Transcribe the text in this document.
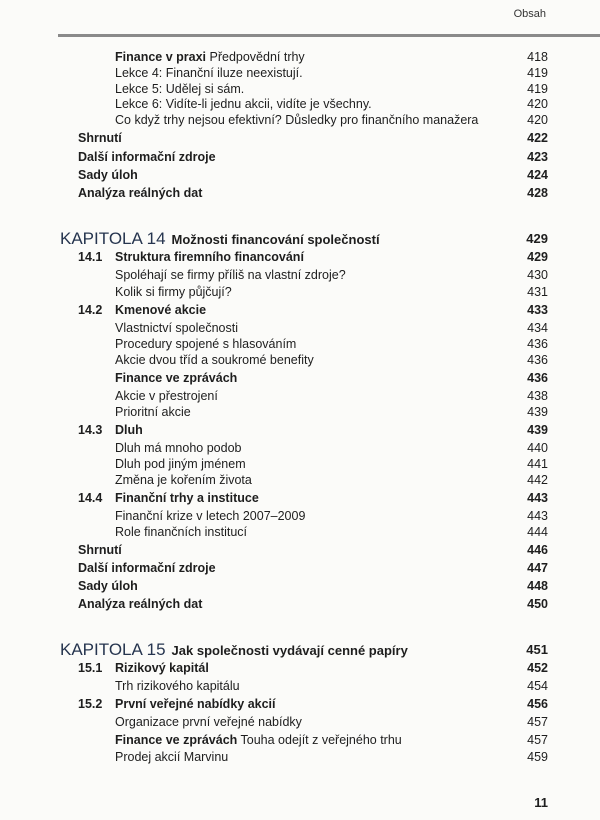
Obsah
Finance v praxi Předpovědní trhy	418
Lekce 4: Finanční iluze neexistují.	419
Lekce 5: Udělej si sám.	419
Lekce 6: Vidíte-li jednu akcii, vidíte je všechny.	420
Co když trhy nejsou efektivní? Důsledky pro finančního manažera	420
Shrnutí	422
Další informační zdroje	423
Sady úloh	424
Analýza reálných dat	428
KAPITOLA 14 Možnosti financování společností	429
14.1 Struktura firemního financování	429
Spoléhají se firmy příliš na vlastní zdroje?	430
Kolik si firmy půjčují?	431
14.2 Kmenové akcie	433
Vlastnictví společnosti	434
Procedury spojené s hlasováním	436
Akcie dvou tříd a soukromé benefity	436
Finance ve zprávách	436
Akcie v přestrojení	438
Prioritní akcie	439
14.3 Dluh	439
Dluh má mnoho podob	440
Dluh pod jiným jménem	441
Změna je kořením života	442
14.4 Finanční trhy a instituce	443
Finanční krize v letech 2007–2009	443
Role finančních institucí	444
Shrnutí	446
Další informační zdroje	447
Sady úloh	448
Analýza reálných dat	450
KAPITOLA 15 Jak společnosti vydávají cenné papíry	451
15.1 Rizikový kapitál	452
Trh rizikového kapitálu	454
15.2 První veřejné nabídky akcií	456
Organizace první veřejné nabídky	457
Finance ve zprávách Touha odejít z veřejného trhu	457
Prodej akcií Marvinu	459
11
